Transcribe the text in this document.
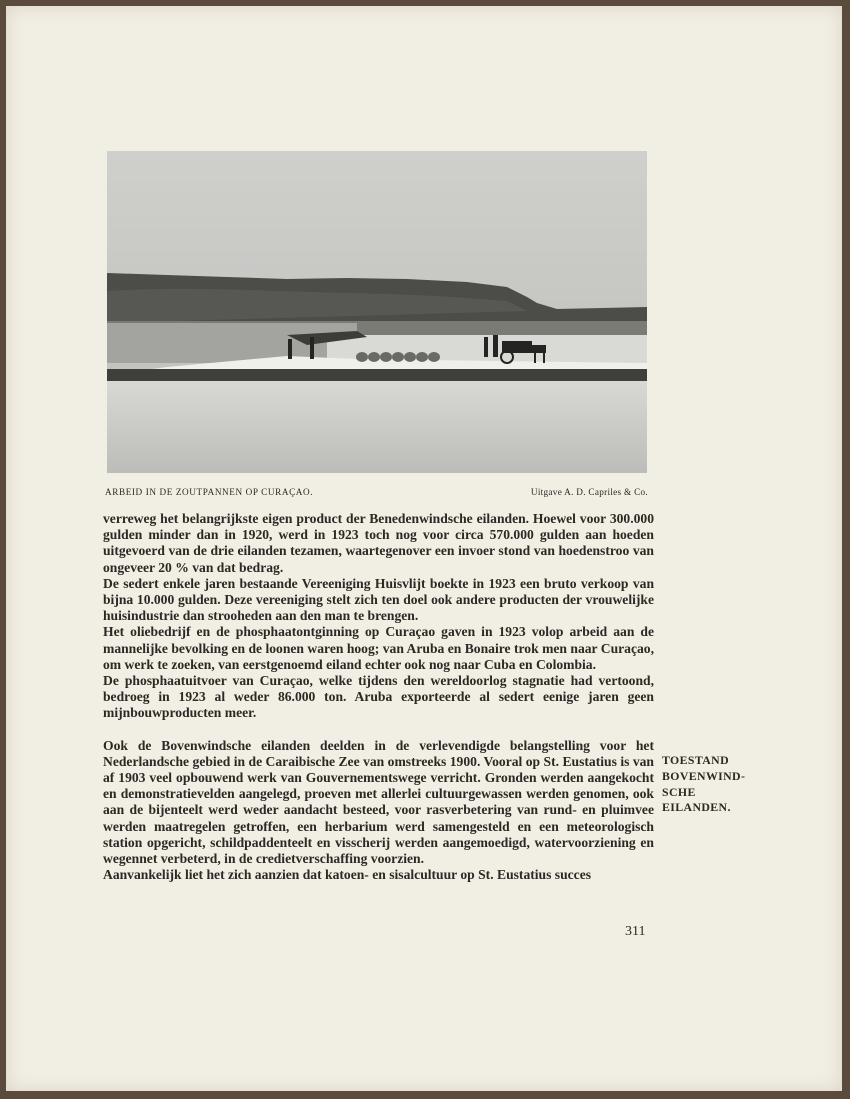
ARBEID IN DE ZOUTPANNEN OP CURAÇAO.	Uitgave A. D. Capriles & Co.

verreweg het belangrijkste eigen product der Benedenwindsche eilanden. Hoewel voor 300.000 gulden minder dan in 1920, werd in 1923 toch nog voor circa 570.000 gulden aan hoeden uitgevoerd van de drie eilanden tezamen, waartegenover een invoer stond van hoedenstroo van ongeveer 20 % van dat bedrag.

De sedert enkele jaren bestaande Vereeniging Huisvlijt boekte in 1923 een bruto verkoop van bijna 10.000 gulden. Deze vereeniging stelt zich ten doel ook andere producten der vrouwelijke huisindustrie dan strooheden aan den man te brengen.

Het oliebedrijf en de phosphaatontginning op Curaçao gaven in 1923 volop arbeid aan de mannelijke bevolking en de loonen waren hoog; van Aruba en Bonaire trok men naar Curaçao, om werk te zoeken, van eerstgenoemd eiland echter ook nog naar Cuba en Colombia.

De phosphaatuitvoer van Curaçao, welke tijdens den wereldoorlog stagnatie had vertoond, bedroeg in 1923 al weder 86.000 ton. Aruba exporteerde al sedert eenige jaren geen mijnbouwproducten meer.

Ook de Bovenwindsche eilanden deelden in de verlevendigde belangstelling voor het Nederlandsche gebied in de Caraibische Zee van omstreeks 1900. Vooral op St. Eustatius is van af 1903 veel opbouwend werk van Gouvernementswege verricht. Gronden werden aangekocht en demonstratievelden aangelegd, proeven met allerlei cultuurgewassen werden genomen, ook aan de bijenteelt werd weder aandacht besteed, voor rasverbetering van rund- en pluimvee werden maatregelen getroffen, een herbarium werd samengesteld en een meteorologisch station opgericht, schildpaddenteelt en visscherij werden aangemoedigd, watervoorziening en wegennet verbeterd, in de credietverschaffing voorzien.

Aanvankelijk liet het zich aanzien dat katoen- en sisalcultuur op St. Eustatius succes

TOESTAND
BOVENWIND-
SCHE
EILANDEN.
311
